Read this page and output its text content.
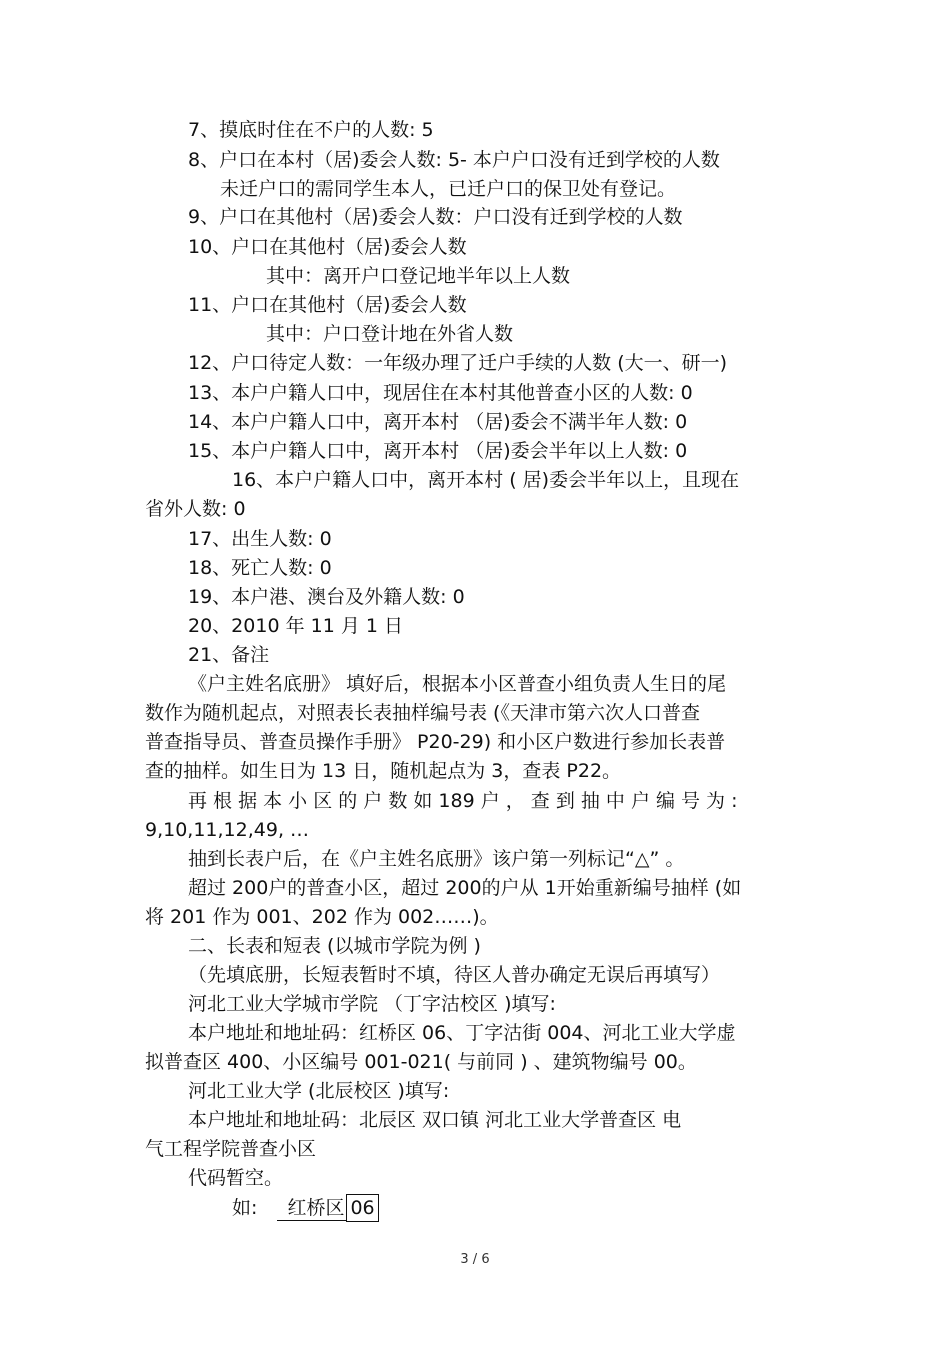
7、摸底时住在不户的人数: 5
8、户口在本村（居)委会人数: 5- 本户户口没有迁到学校的人数
未迁户口的需同学生本人，已迁户口的保卫处有登记。
9、户口在其他村（居)委会人数：户口没有迁到学校的人数
10、户口在其他村（居)委会人数
其中：离开户口登记地半年以上人数
11、户口在其他村（居)委会人数
其中：户口登计地在外省人数
12、户口待定人数：一年级办理了迁户手续的人数 (大一、研一)
13、本户户籍人口中，现居住在本村其他普查小区的人数: 0
14、本户户籍人口中，离开本村 （居)委会不满半年人数: 0
15、本户户籍人口中，离开本村 （居)委会半年以上人数: 0
16、本户户籍人口中，离开本村 ( 居)委会半年以上，且现在
省外人数: 0
17、出生人数: 0
18、死亡人数: 0
19、本户港、澳台及外籍人数: 0
20、2010 年 11 月 1 日
21、备注
《户主姓名底册》 填好后，根据本小区普查小组负责人生日的尾
数作为随机起点，对照表长表抽样编号表 (《天津市第六次人口普查
普查指导员、普查员操作手册》 P20-29) 和小区户数进行参加长表普
查的抽样。如生日为 13 日，随机起点为 3，查表 P22。
再 根 据 本 小 区 的 户 数 如 189 户 ， 查 到 抽 中 户 编 号 为 :
9,10,11,12,49, …
抽到长表户后，在《户主姓名底册》该户第一列标记“△” 。
超过 200户的普查小区，超过 200的户从 1开始重新编号抽样 (如
将 201 作为 001、202 作为 002……)。
二、长表和短表 (以城市学院为例 )
（先填底册，长短表暂时不填，待区人普办确定无误后再填写）
河北工业大学城市学院 （丁字沽校区 )填写:
本户地址和地址码：红桥区 06、丁字沽街 004、河北工业大学虚
拟普查区 400、小区编号 001-021( 与前同 ) 、建筑物编号 00。
河北工业大学 (北辰校区 )填写:
本户地址和地址码：北辰区 双口镇 河北工业大学普查区 电
气工程学院普查小区
代码暂空。
如: 红桥区 06
3 / 6
